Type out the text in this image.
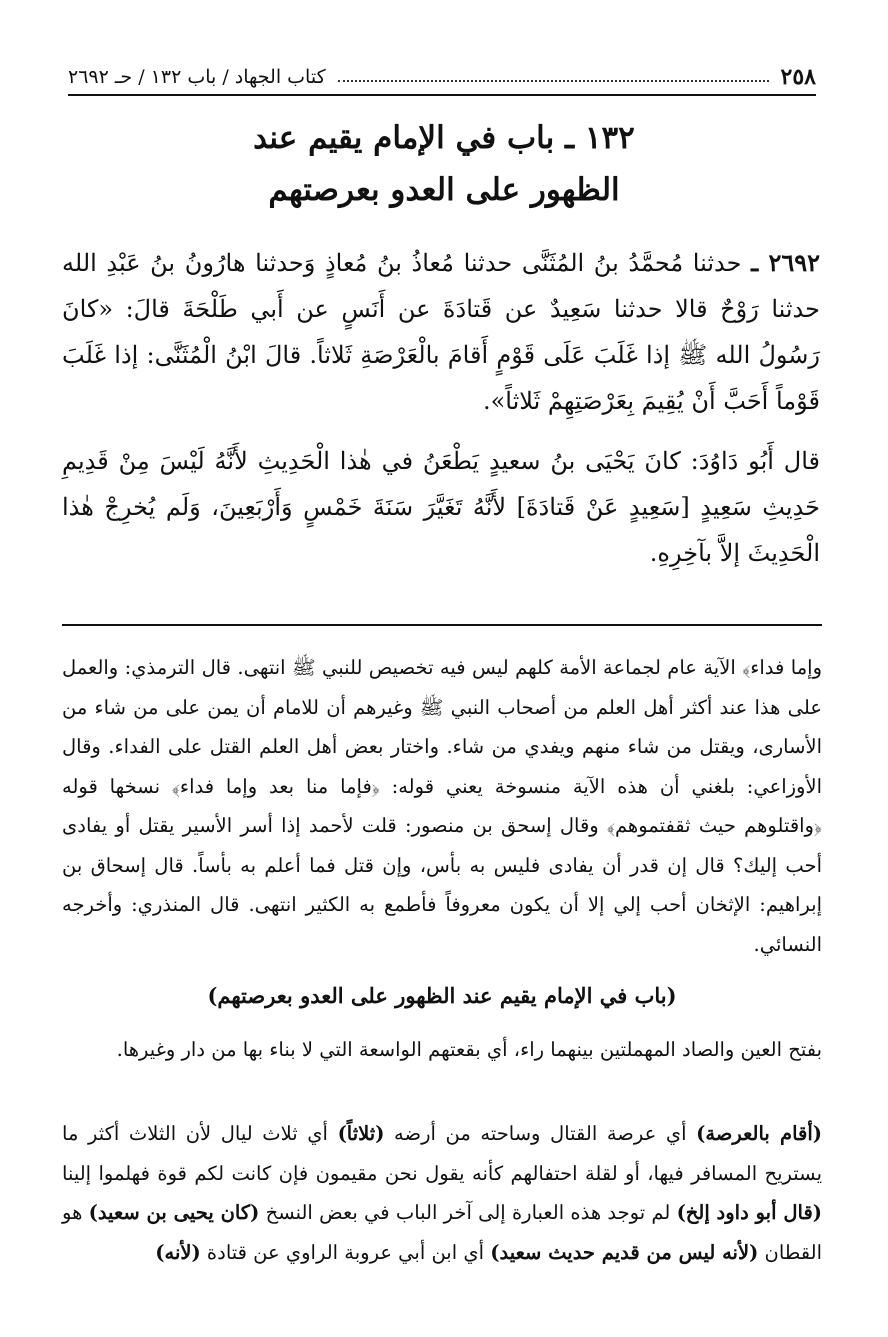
٢٥٨
كتاب الجهاد / باب ١٣٢ / حـ ٢٦٩٢
١٣٢ ـ باب في الإمام يقيم عند
الظهور على العدو بعرصتهم
٢٦٩٢ ـ حدثنا مُحمَّدُ بنُ المُثَنَّى حدثنا مُعاذُ بنُ مُعاذٍ وَحدثنا هارُونُ بنُ عَبْدِ الله حدثنا رَوْحٌ قالا حدثنا سَعِيدٌ عن قَتادَةَ عن أَنَسٍ عن أَبي طَلْحَةَ قالَ: «كانَ رَسُولُ الله ﷺ إذا غَلَبَ عَلَى قَوْمٍ أَقامَ بالْعَرْصَةِ ثَلاثاً. قالَ ابْنُ الْمُثَنَّى: إذا غَلَبَ قَوْماً أَحَبَّ أَنْ يُقِيمَ بِعَرْصَتِهِمْ ثَلاثاً».
قال أَبُو دَاوُدَ: كانَ يَحْيَى بنُ سعيدٍ يَطْعَنُ في هٰذا الْحَدِيثِ لأَنَّهُ لَيْسَ مِنْ قَدِيمِ حَدِيثِ سَعِيدٍ [سَعِيدٍ عَنْ قَتادَةَ] لأَنَّهُ تَغَيَّرَ سَنَةَ خَمْسٍ وَأَرْبَعِينَ، وَلَم يُخرِجْ هٰذا الْحَدِيثَ إلاَّ بآخِرِهِ.
وإما فداء﴾ الآية عام لجماعة الأمة كلهم ليس فيه تخصيص للنبي ﷺ انتهى. قال الترمذي: والعمل على هذا عند أكثر أهل العلم من أصحاب النبي ﷺ وغيرهم أن للامام أن يمن على من شاء من الأسارى، ويقتل من شاء منهم ويفدي من شاء. واختار بعض أهل العلم القتل على الفداء. وقال الأوزاعي: بلغني أن هذه الآية منسوخة يعني قوله: ﴿فإما منا بعد وإما فداء﴾ نسخها قوله ﴿واقتلوهم حيث ثقفتموهم﴾ وقال إسحق بن منصور: قلت لأحمد إذا أسر الأسير يقتل أو يفادى أحب إليك؟ قال إن قدر أن يفادى فليس به بأس، وإن قتل فما أعلم به بأساً. قال إسحاق بن إبراهيم: الإثخان أحب إلي إلا أن يكون معروفاً فأطمع به الكثير انتهى. قال المنذري: وأخرجه النسائي.
(باب في الإمام يقيم عند الظهور على العدو بعرصتهم)
بفتح العين والصاد المهملتين بينهما راء، أي بقعتهم الواسعة التي لا بناء بها من دار وغيرها.
(أقام بالعرصة) أي عرصة القتال وساحته من أرضه (ثلاثاً) أي ثلاث ليال لأن الثلاث أكثر ما يستريح المسافر فيها، أو لقلة احتفالهم كأنه يقول نحن مقيمون فإن كانت لكم قوة فهلموا إلينا (قال أبو داود إلخ) لم توجد هذه العبارة إلى آخر الباب في بعض النسخ (كان يحيى بن سعيد) هو القطان (لأنه ليس من قديم حديث سعيد) أي ابن أبي عروبة الراوي عن قتادة (لأنه)
